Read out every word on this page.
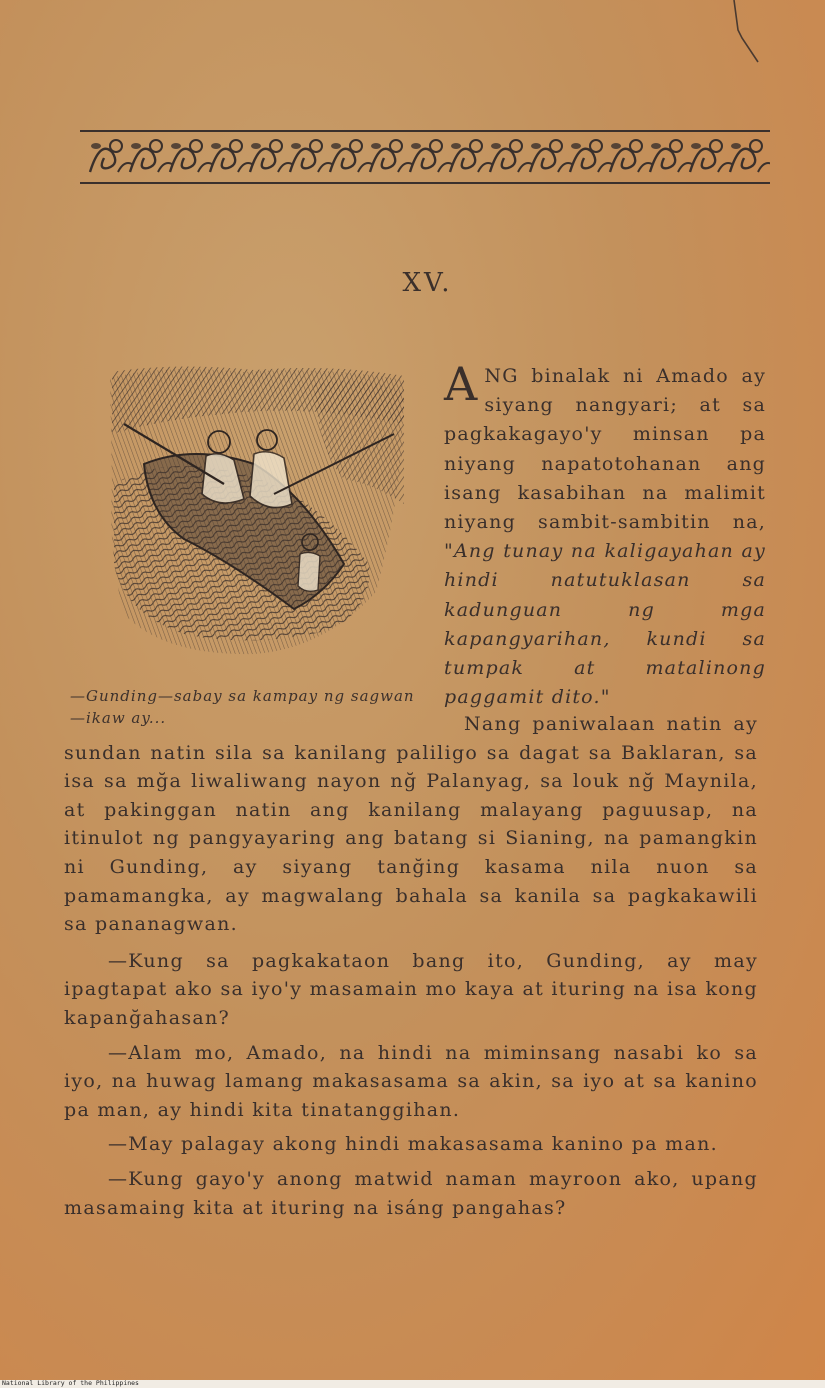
XV.
—Gunding—sabay sa kampay ng sagwan—ikaw ay...
ANG binalak ni Amado ay siyang nangyari; at sa pagkakagayo'y minsan pa niyang napatotohanan ang isang kasabihan na malimit niyang sambit-sambitin na, "Ang tunay na kaligayahan ay hindi natutuklasan sa kadunguan ng mga kapangyarihan, kundi sa tumpak at matalinong paggamit dito."

Nang paniwalaan natin ay sundan natin sila sa kanilang paliligo sa dagat sa Baklaran, sa isa sa mğa liwaliwang nayon nğ Palanyag, sa louk nğ Maynila, at pakinggan natin ang kanilang malayang paguusap, na itinulot ng pangyayaring ang batang si Sianing, na pamangkin ni Gunding, ay siyang tanğing kasama nila nuon sa pamamangka, ay magwalang bahala sa kanila sa pagkakawili sa pananagwan.

—Kung sa pagkakataon bang ito, Gunding, ay may ipagtapat ako sa iyo'y masamain mo kaya at ituring na isa kong kapanğahasan?

—Alam mo, Amado, na hindi na miminsang nasabi ko sa iyo, na huwag lamang makasasama sa akin, sa iyo at sa kanino pa man, ay hindi kita tinatanggihan.

—May palagay akong hindi makasasama kanino pa man.

—Kung gayo'y anong matwid naman mayroon ako, upang masamaing kita at ituring na isáng pangahas?

National Library of the Philippines
